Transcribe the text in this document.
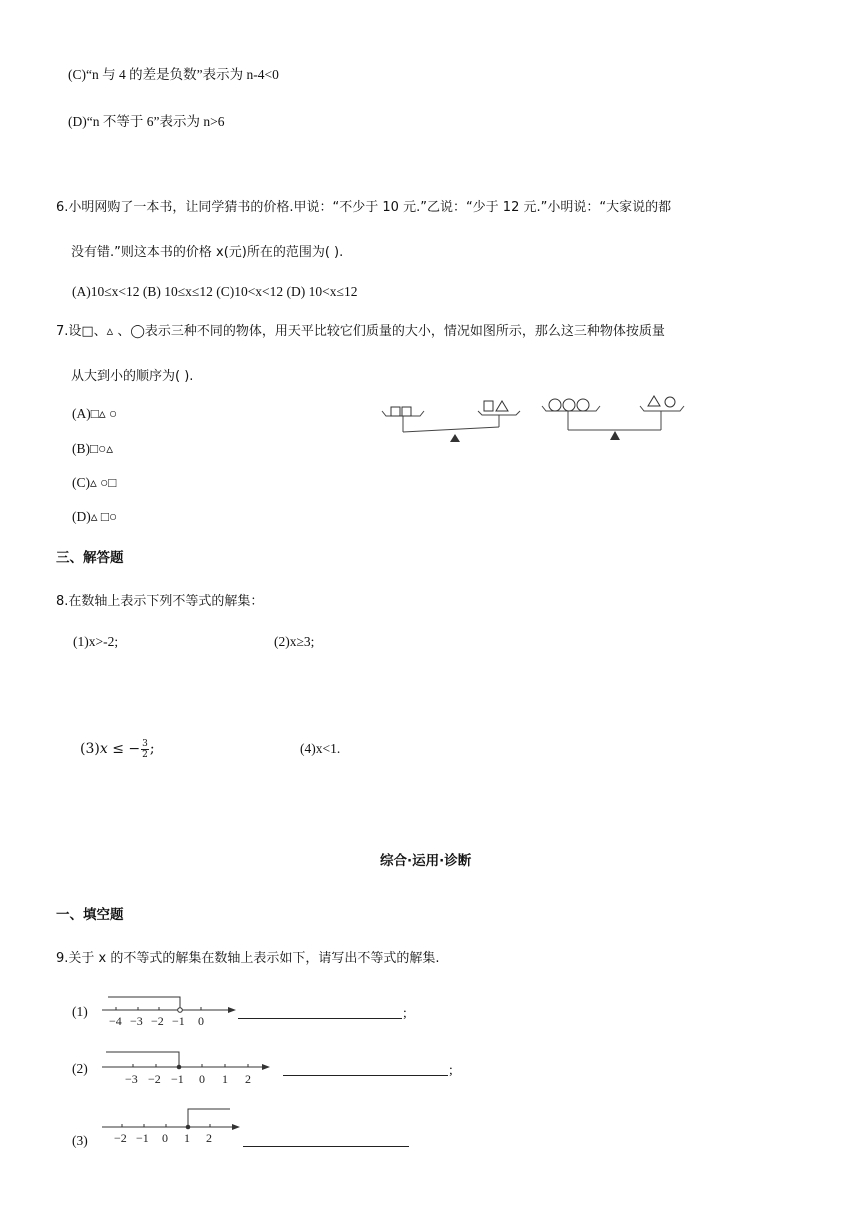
(C)“n 与 4 的差是负数”表示为 n-4<0
(D)“n 不等于 6”表示为 n>6
6.小明网购了一本书，让同学猜书的价格.甲说：“不少于 10 元.”乙说：“少于 12 元.”小明说：“大家说的都
没有错.”则这本书的价格 x(元)所在的范围为( ).
(A)10≤x<12 (B) 10≤x≤12 (C)10<x<12 (D) 10<x≤12
7.设□、▵ 、◯表示三种不同的物体，用天平比较它们质量的大小，情况如图所示，那么这三种物体按质量
从大到小的顺序为( ).
(A)□▵ ○
(B)□○▵
(C)▵ ○□
(D)▵ □○
三、解答题
8.在数轴上表示下列不等式的解集：
(1)x>-2;	(2)x≥3;
(3)x ≤ − $\frac{3}{2}$ ;	(4)x<1.
综合·运用·诊断
一、填空题
9.关于 x 的不等式的解集在数轴上表示如下，请写出不等式的解集.
(1)
−4 −3 −2 −1 0
;
(2)
−3 −2 −1 0 1 2
;
(3) −2 −1 0 1 2
